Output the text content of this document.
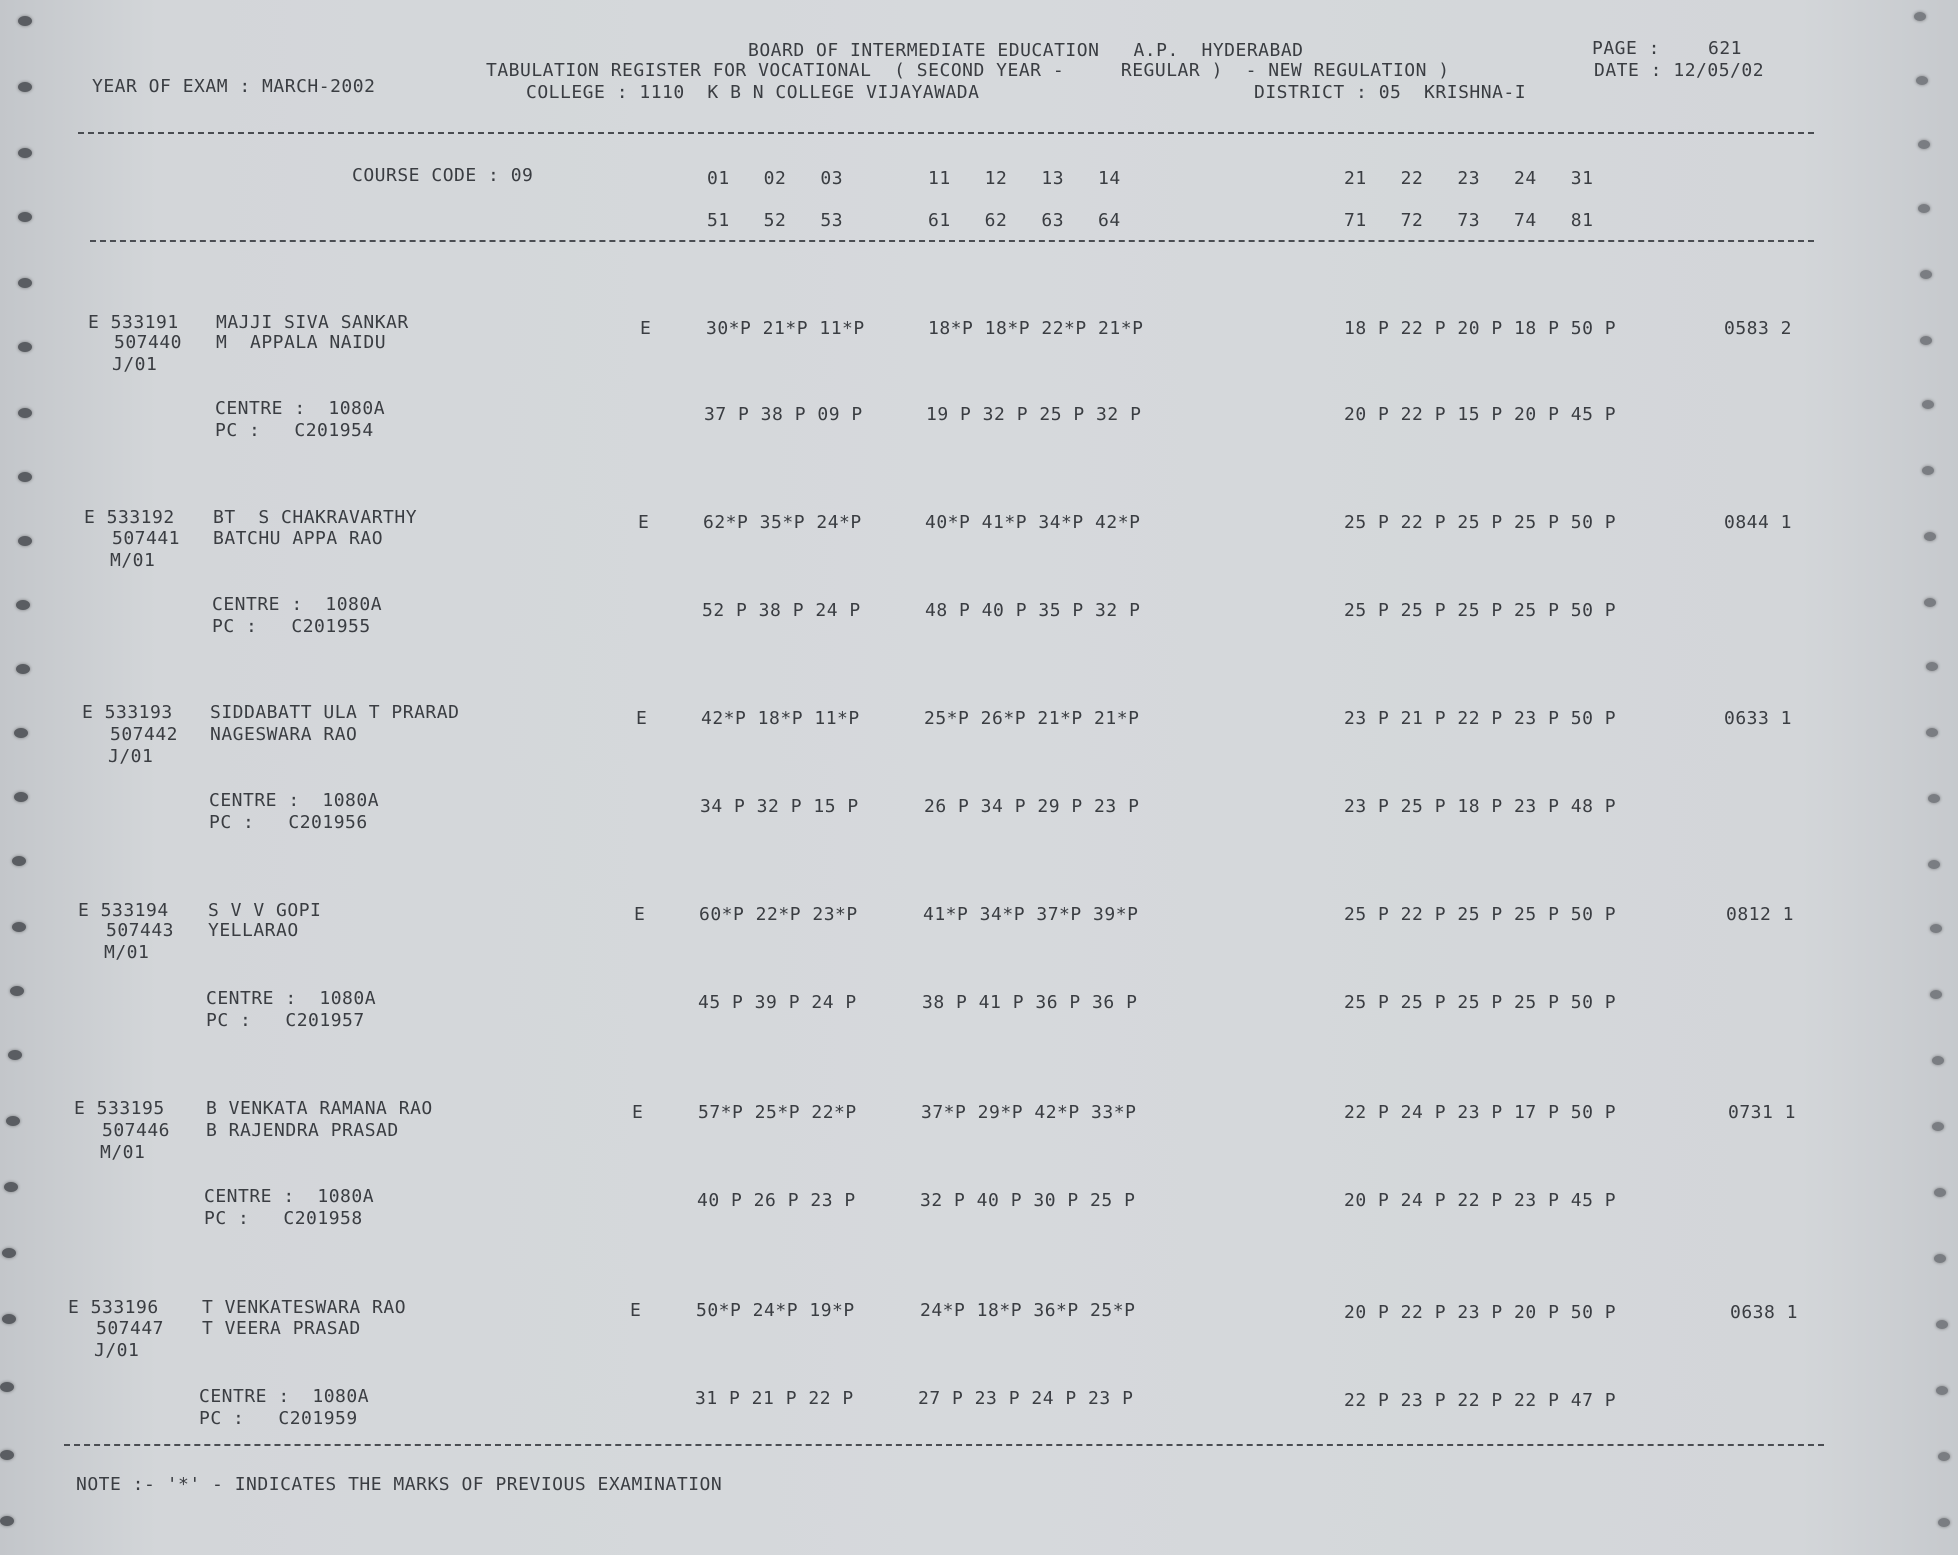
BOARD OF INTERMEDIATE EDUCATION   A.P.  HYDERABAD	PAGE :	621
YEAR OF EXAM : MARCH-2002
TABULATION REGISTER FOR VOCATIONAL  ( SECOND YEAR -     REGULAR )  - NEW REGULATION )	DATE : 12/05/02
COLLEGE : 1110  K B N COLLEGE VIJAYAWADA	DISTRICT : 05  KRISHNA-I
COURSE CODE : 09	01   02   03	11   12   13   14	21   22   23   24   31
51   52   53	61   62   63   64	71   72   73   74   81
E 533191 MAJJI SIVA SANKAR
507440 M  APPALA NAIDU
J/01
E	30*P 21*P 11*P	18*P 18*P 22*P 21*P	18 P 22 P 20 P 18 P 50 P	0583 2
CENTRE :  1080A
PC :   C201954
37 P 38 P 09 P	19 P 32 P 25 P 32 P	20 P 22 P 15 P 20 P 45 P
E 533192 BT  S CHAKRAVARTHY
507441 BATCHU APPA RAO
M/01
E	62*P 35*P 24*P	40*P 41*P 34*P 42*P	25 P 22 P 25 P 25 P 50 P	0844 1
CENTRE :  1080A
PC :   C201955
52 P 38 P 24 P	48 P 40 P 35 P 32 P	25 P 25 P 25 P 25 P 50 P
E 533193 SIDDABATT ULA T PRARAD
507442 NAGESWARA RAO
J/01
E	42*P 18*P 11*P	25*P 26*P 21*P 21*P	23 P 21 P 22 P 23 P 50 P	0633 1
CENTRE :  1080A
PC :   C201956
34 P 32 P 15 P	26 P 34 P 29 P 23 P	23 P 25 P 18 P 23 P 48 P
E 533194 S V V GOPI
507443 YELLARAO
M/01
E	60*P 22*P 23*P	41*P 34*P 37*P 39*P	25 P 22 P 25 P 25 P 50 P	0812 1
CENTRE :  1080A
PC :   C201957
45 P 39 P 24 P	38 P 41 P 36 P 36 P	25 P 25 P 25 P 25 P 50 P
E 533195 B VENKATA RAMANA RAO
507446 B RAJENDRA PRASAD
M/01
E	57*P 25*P 22*P	37*P 29*P 42*P 33*P	22 P 24 P 23 P 17 P 50 P	0731 1
CENTRE :  1080A
PC :   C201958
40 P 26 P 23 P	32 P 40 P 30 P 25 P	20 P 24 P 22 P 23 P 45 P
E 533196 T VENKATESWARA RAO
507447 T VEERA PRASAD
J/01
E	50*P 24*P 19*P	24*P 18*P 36*P 25*P	20 P 22 P 23 P 20 P 50 P	0638 1
CENTRE :  1080A
PC :   C201959
31 P 21 P 22 P	27 P 23 P 24 P 23 P	22 P 23 P 22 P 22 P 47 P
NOTE :- '*' - INDICATES THE MARKS OF PREVIOUS EXAMINATION
